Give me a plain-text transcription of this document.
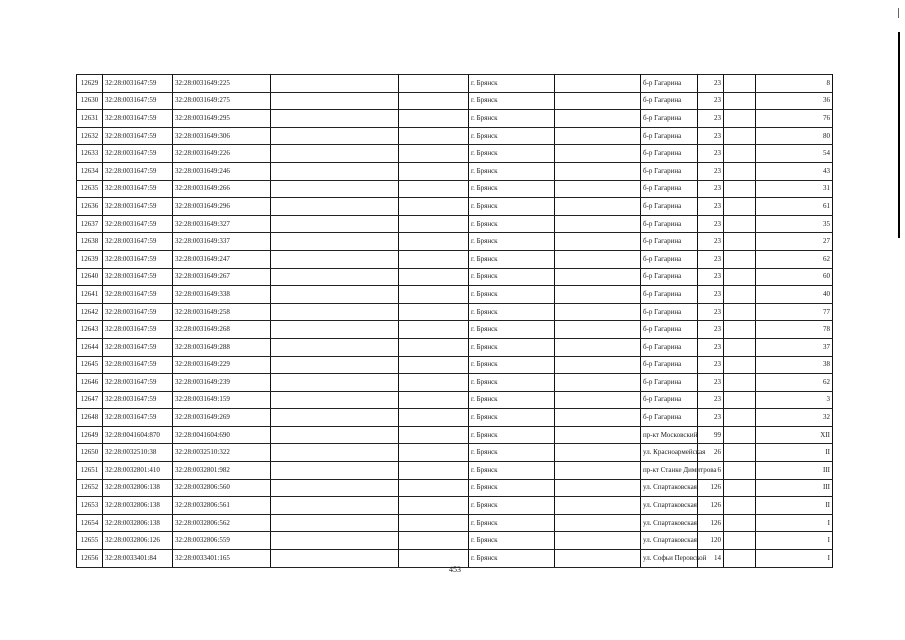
12629	32:28:0031647:59	32:28:0031649:225			г. Брянск		б-р Гагарина	23		8
12630	32:28:0031647:59	32:28:0031649:275			г. Брянск		б-р Гагарина	23		36
12631	32:28:0031647:59	32:28:0031649:295			г. Брянск		б-р Гагарина	23		76
12632	32:28:0031647:59	32:28:0031649:306			г. Брянск		б-р Гагарина	23		80
12633	32:28:0031647:59	32:28:0031649:226			г. Брянск		б-р Гагарина	23		54
12634	32:28:0031647:59	32:28:0031649:246			г. Брянск		б-р Гагарина	23		43
12635	32:28:0031647:59	32:28:0031649:266			г. Брянск		б-р Гагарина	23		31
12636	32:28:0031647:59	32:28:0031649:296			г. Брянск		б-р Гагарина	23		61
12637	32:28:0031647:59	32:28:0031649:327			г. Брянск		б-р Гагарина	23		35
12638	32:28:0031647:59	32:28:0031649:337			г. Брянск		б-р Гагарина	23		27
12639	32:28:0031647:59	32:28:0031649:247			г. Брянск		б-р Гагарина	23		62
12640	32:28:0031647:59	32:28:0031649:267			г. Брянск		б-р Гагарина	23		60
12641	32:28:0031647:59	32:28:0031649:338			г. Брянск		б-р Гагарина	23		40
12642	32:28:0031647:59	32:28:0031649:258			г. Брянск		б-р Гагарина	23		77
12643	32:28:0031647:59	32:28:0031649:268			г. Брянск		б-р Гагарина	23		78
12644	32:28:0031647:59	32:28:0031649:288			г. Брянск		б-р Гагарина	23		37
12645	32:28:0031647:59	32:28:0031649:229			г. Брянск		б-р Гагарина	23		38
12646	32:28:0031647:59	32:28:0031649:239			г. Брянск		б-р Гагарина	23		62
12647	32:28:0031647:59	32:28:0031649:159			г. Брянск		б-р Гагарина	23		3
12648	32:28:0031647:59	32:28:0031649:269			г. Брянск		б-р Гагарина	23		32
12649	32:28:0041604:870	32:28:0041604:690			г. Брянск		пр-кт Московский	99		XII
12650	32:28:0032510:38	32:28:0032510:322			г. Брянск		ул. Красноармейская	26		II
12651	32:28:0032801:410	32:28:0032801:982			г. Брянск		пр-кт Станке Димитрова	6		III
12652	32:28:0032806:138	32:28:0032806:560			г. Брянск		ул. Спартаковская	126		III
12653	32:28:0032806:138	32:28:0032806:561			г. Брянск		ул. Спартаковская	126		II
12654	32:28:0032806:138	32:28:0032806:562			г. Брянск		ул. Спартаковская	126		I
12655	32:28:0032806:126	32:28:0032806:559			г. Брянск		ул. Спартаковская	120		I
12656	32:28:0033401:84	32:28:0033401:165			г. Брянск		ул. Софьи Перовской	14		I
453
